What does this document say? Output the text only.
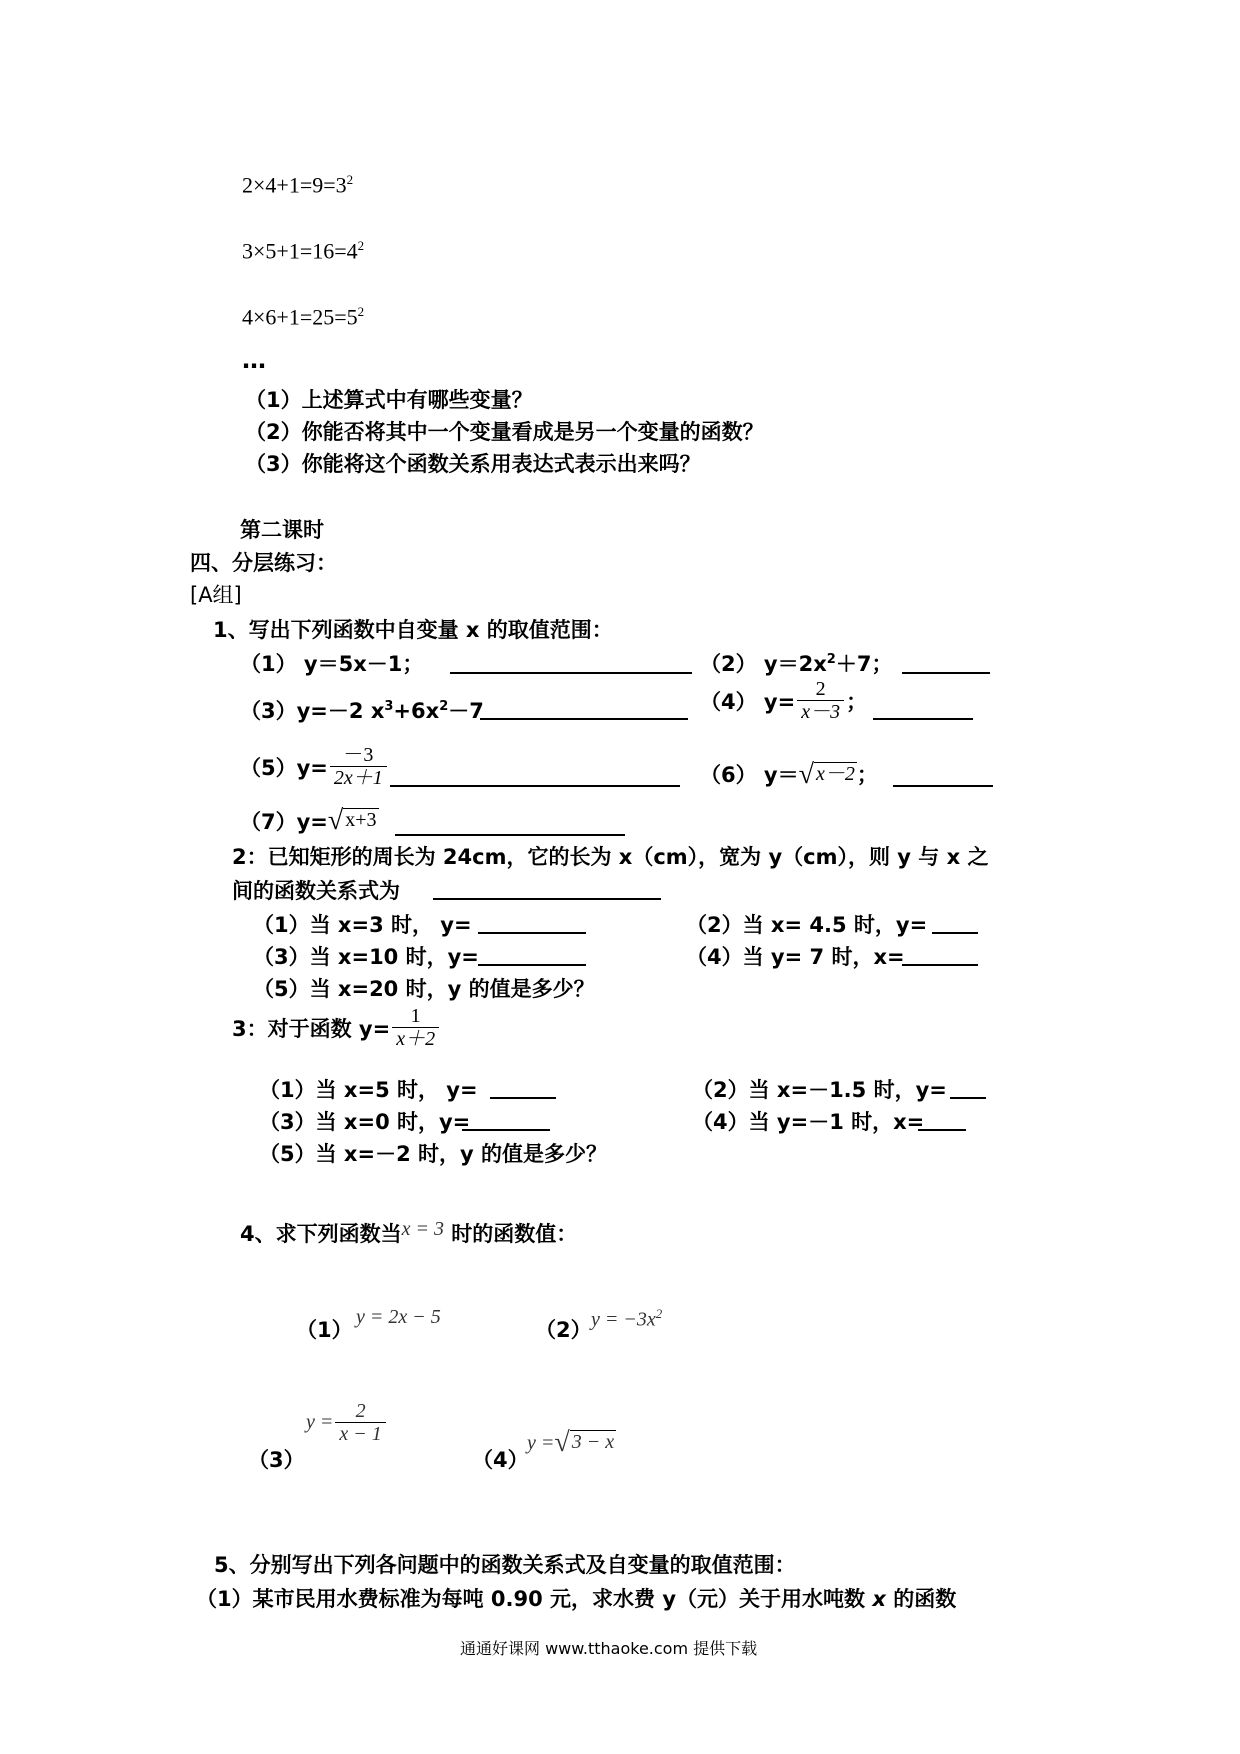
$2\times 4+1=9=3^2$
$3\times 5+1=16=4^2$
$4\times 6+1=25=5^2$
…
（1）上述算式中有哪些变量？
（2）你能否将其中一个变量看成是另一个变量的函数？
（3）你能将这个函数关系用表达式表示出来吗？
第二课时
四、分层练习：
[A组]
1、写出下列函数中自变量 x 的取值范围：
（1） y＝5x－1；	（2） $y=2x^2+7$；
（3）y=－2 $x^3+6x^2-7$	（4） $y= \frac{2}{x-3}$ ；
$(5)y= \frac{-3}{2x+1}$	（6） y＝ √ x－2 ；
（7）y= √ x+3
2：已知矩形的周长为 24cm，它的长为 x（cm），宽为 y（cm），则 y 与 x 之
间的函数关系式为
（1）当 x=3 时， y=	（2）当 x= 4.5 时，y=
（3）当 x=10 时，y=	（4）当 y= 7 时，x=
（5）当 x=20 时，y 的值是多少？
3：对于函数 $y= \frac{1}{x+2}$
（1）当 x=5 时， y=	（2）当 x=－1.5 时，y=
（3）当 x=0 时，y=	（4）当 y=－1 时，x=
（5）当 x=－2 时，y 的值是多少？
4、求下列函数当x = 3 时的函数值：
（1）
y = 2x − 5
（2） $y = -3x^2$
（3）
$y = \frac{2}{x - 1}$
（4）
y = √ 3 − x
5、分别写出下列各问题中的函数关系式及自变量的取值范围：
（1）某市民用水费标准为每吨 0.90 元，求水费 y（元）关于用水吨数 x 的函数
通通好课网 www.tthaoke.com 提供下载
